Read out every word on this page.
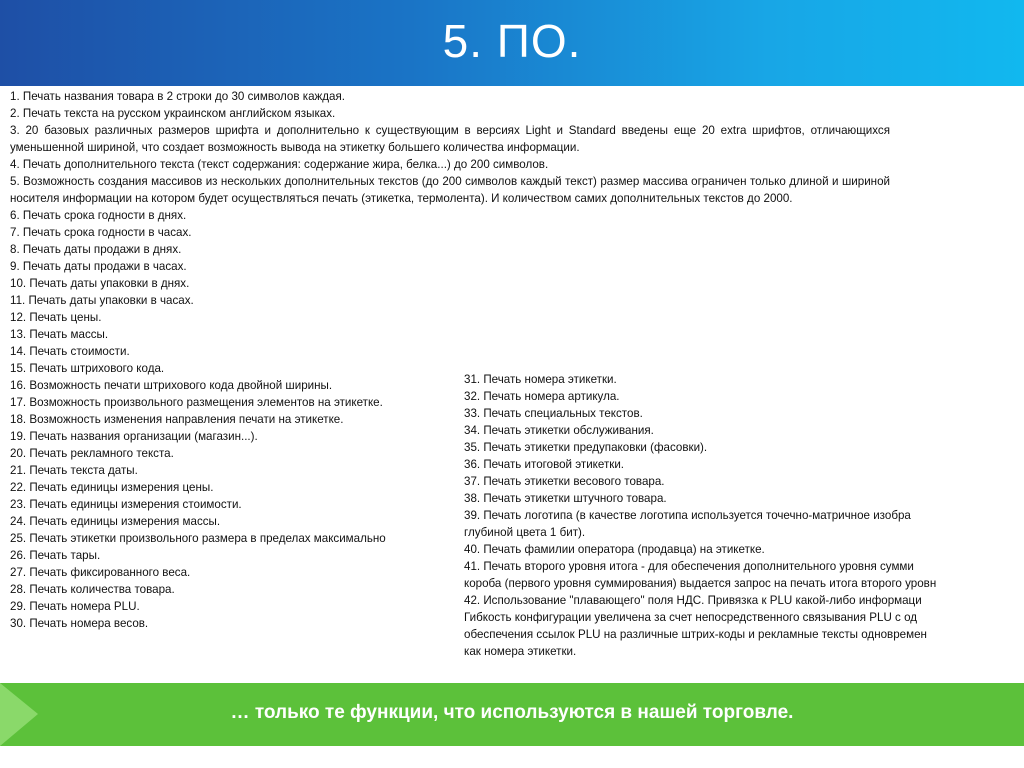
5. ПО.
1. Печать названия товара в 2 строки до 30 символов каждая.
2. Печать текста на русском украинском английском языках.
3. 20 базовых различных размеров шрифта и дополнительно к существующим в версиях Light и Standard введены еще 20 extra шрифтов, отличающихся уменьшенной шириной, что создает возможность вывода на этикетку большего количества информации.
4. Печать дополнительного текста (текст содержания: содержание жира, белка...) до 200 символов.
5. Возможность создания массивов из нескольких дополнительных текстов (до 200 символов каждый текст) размер массива ограничен только длиной и шириной носителя информации на котором будет осуществляться печать (этикетка, термолента). И количеством самих дополнительных текстов до 2000.
6. Печать срока годности в днях.
7. Печать срока годности в часах.
8. Печать даты продажи в днях.
9. Печать даты продажи в часах.
10. Печать даты упаковки в днях.
11. Печать даты упаковки в часах.
12. Печать цены.
13. Печать массы.
14. Печать стоимости.
15. Печать штрихового кода.
16. Возможность печати штрихового кода двойной ширины.
17. Возможность произвольного размещения элементов на этикетке.
18. Возможность изменения направления печати на этикетке.
19. Печать названия организации (магазин...).
20. Печать рекламного текста.
21. Печать текста даты.
22. Печать единицы измерения цены.
23. Печать единицы измерения стоимости.
24. Печать единицы измерения массы.
25. Печать этикетки произвольного размера в пределах максимально
26. Печать тары.
27. Печать фиксированного веса.
28. Печать количества товара.
29. Печать номера PLU.
30. Печать номера весов.
31. Печать номера этикетки.
32. Печать номера артикула.
33. Печать специальных текстов.
34. Печать этикетки обслуживания.
35. Печать этикетки предупаковки (фасовки).
36. Печать итоговой этикетки.
37. Печать этикетки весового товара.
38. Печать этикетки штучного товара.
39. Печать логотипа (в качестве логотипа используется точечно-матричное изобра
глубиной цвета 1 бит).
40. Печать фамилии оператора (продавца) на этикетке.
41. Печать второго уровня итога - для обеспечения дополнительного уровня сумми
короба (первого уровня суммирования) выдается запрос на печать итога второго уровн
42. Использование "плавающего" поля НДС. Привязка к PLU какой-либо информаци
Гибкость конфигурации увеличена за счет непосредственного связывания PLU с од
обеспечения ссылок PLU на различные штрих-коды и рекламные тексты одновремен
как номера этикетки.
… только те функции, что используются в нашей торговле.
